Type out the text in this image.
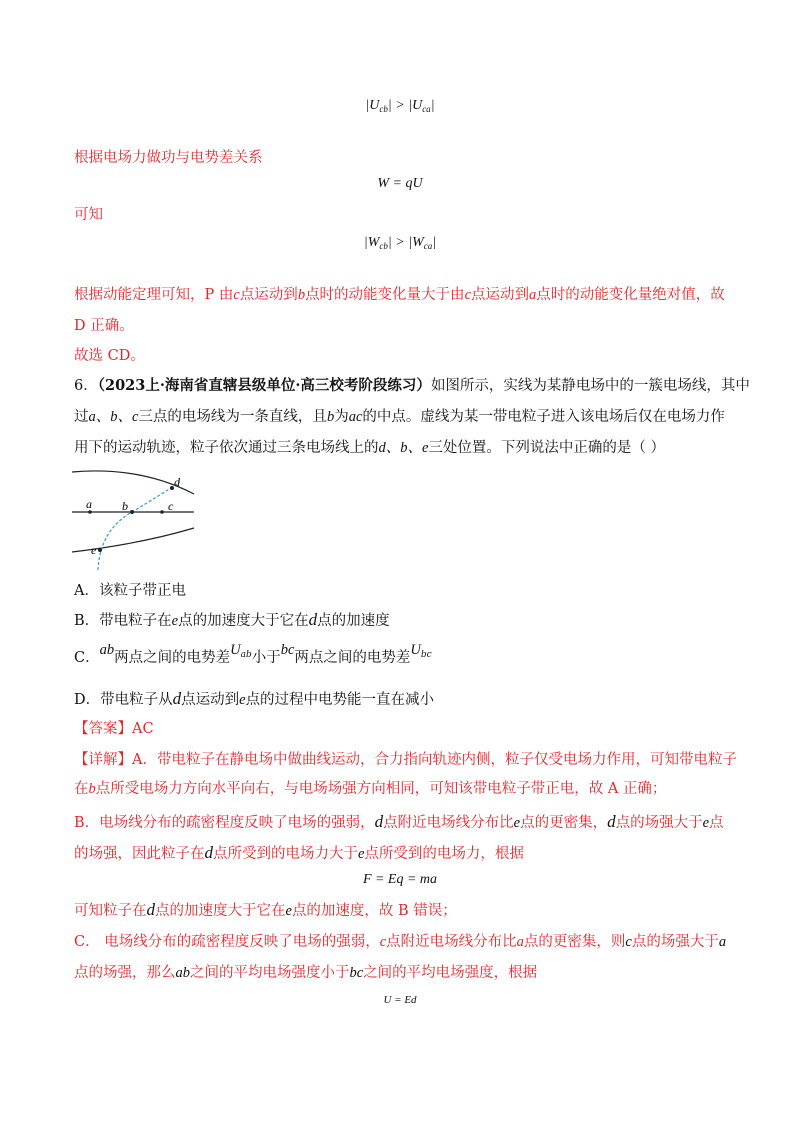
$|U_{cb}| > |U_{ca}|$
根据电场力做功与电势差关系
W = qU
可知
$|W_{cb}| > |W_{ca}|$
根据动能定理可知，P 由c点运动到b点时的动能变化量大于由c点运动到a点时的动能变化量绝对值，故
D 正确。
故选 CD。
6．（2023上·海南省直辖县级单位·高三校考阶段练习）如图所示，实线为某静电场中的一簇电场线，其中
过a、b、c三点的电场线为一条直线，且b为ac的中点。虚线为某一带电粒子进入该电场后仅在电场力作
用下的运动轨迹，粒子依次通过三条电场线上的d、b、e三处位置。下列说法中正确的是（ ）
a	b	c
d
e
A．该粒子带正电
B．带电粒子在e点的加速度大于它在d点的加速度
C．ab两点之间的电势差$U^{ab}$小于bc两点之间的电势差$U^{bc}$
D．带电粒子从d点运动到e点的过程中电势能一直在减小
【答案】AC
【详解】A．带电粒子在静电场中做曲线运动，合力指向轨迹内侧，粒子仅受电场力作用，可知带电粒子
在b点所受电场力方向水平向右，与电场场强方向相同，可知该带电粒子带正电，故 A 正确；
B．电场线分布的疏密程度反映了电场的强弱，d点附近电场线分布比e点的更密集，d点的场强大于e点
的场强，因此粒子在d点所受到的电场力大于e点所受到的电场力，根据
F = Eq = ma
可知粒子在d点的加速度大于它在e点的加速度，故 B 错误；
C． 电场线分布的疏密程度反映了电场的强弱，c点附近电场线分布比a点的更密集，则c点的场强大于a
点的场强，那么ab之间的平均电场强度小于bc之间的平均电场强度，根据
U = Ed
